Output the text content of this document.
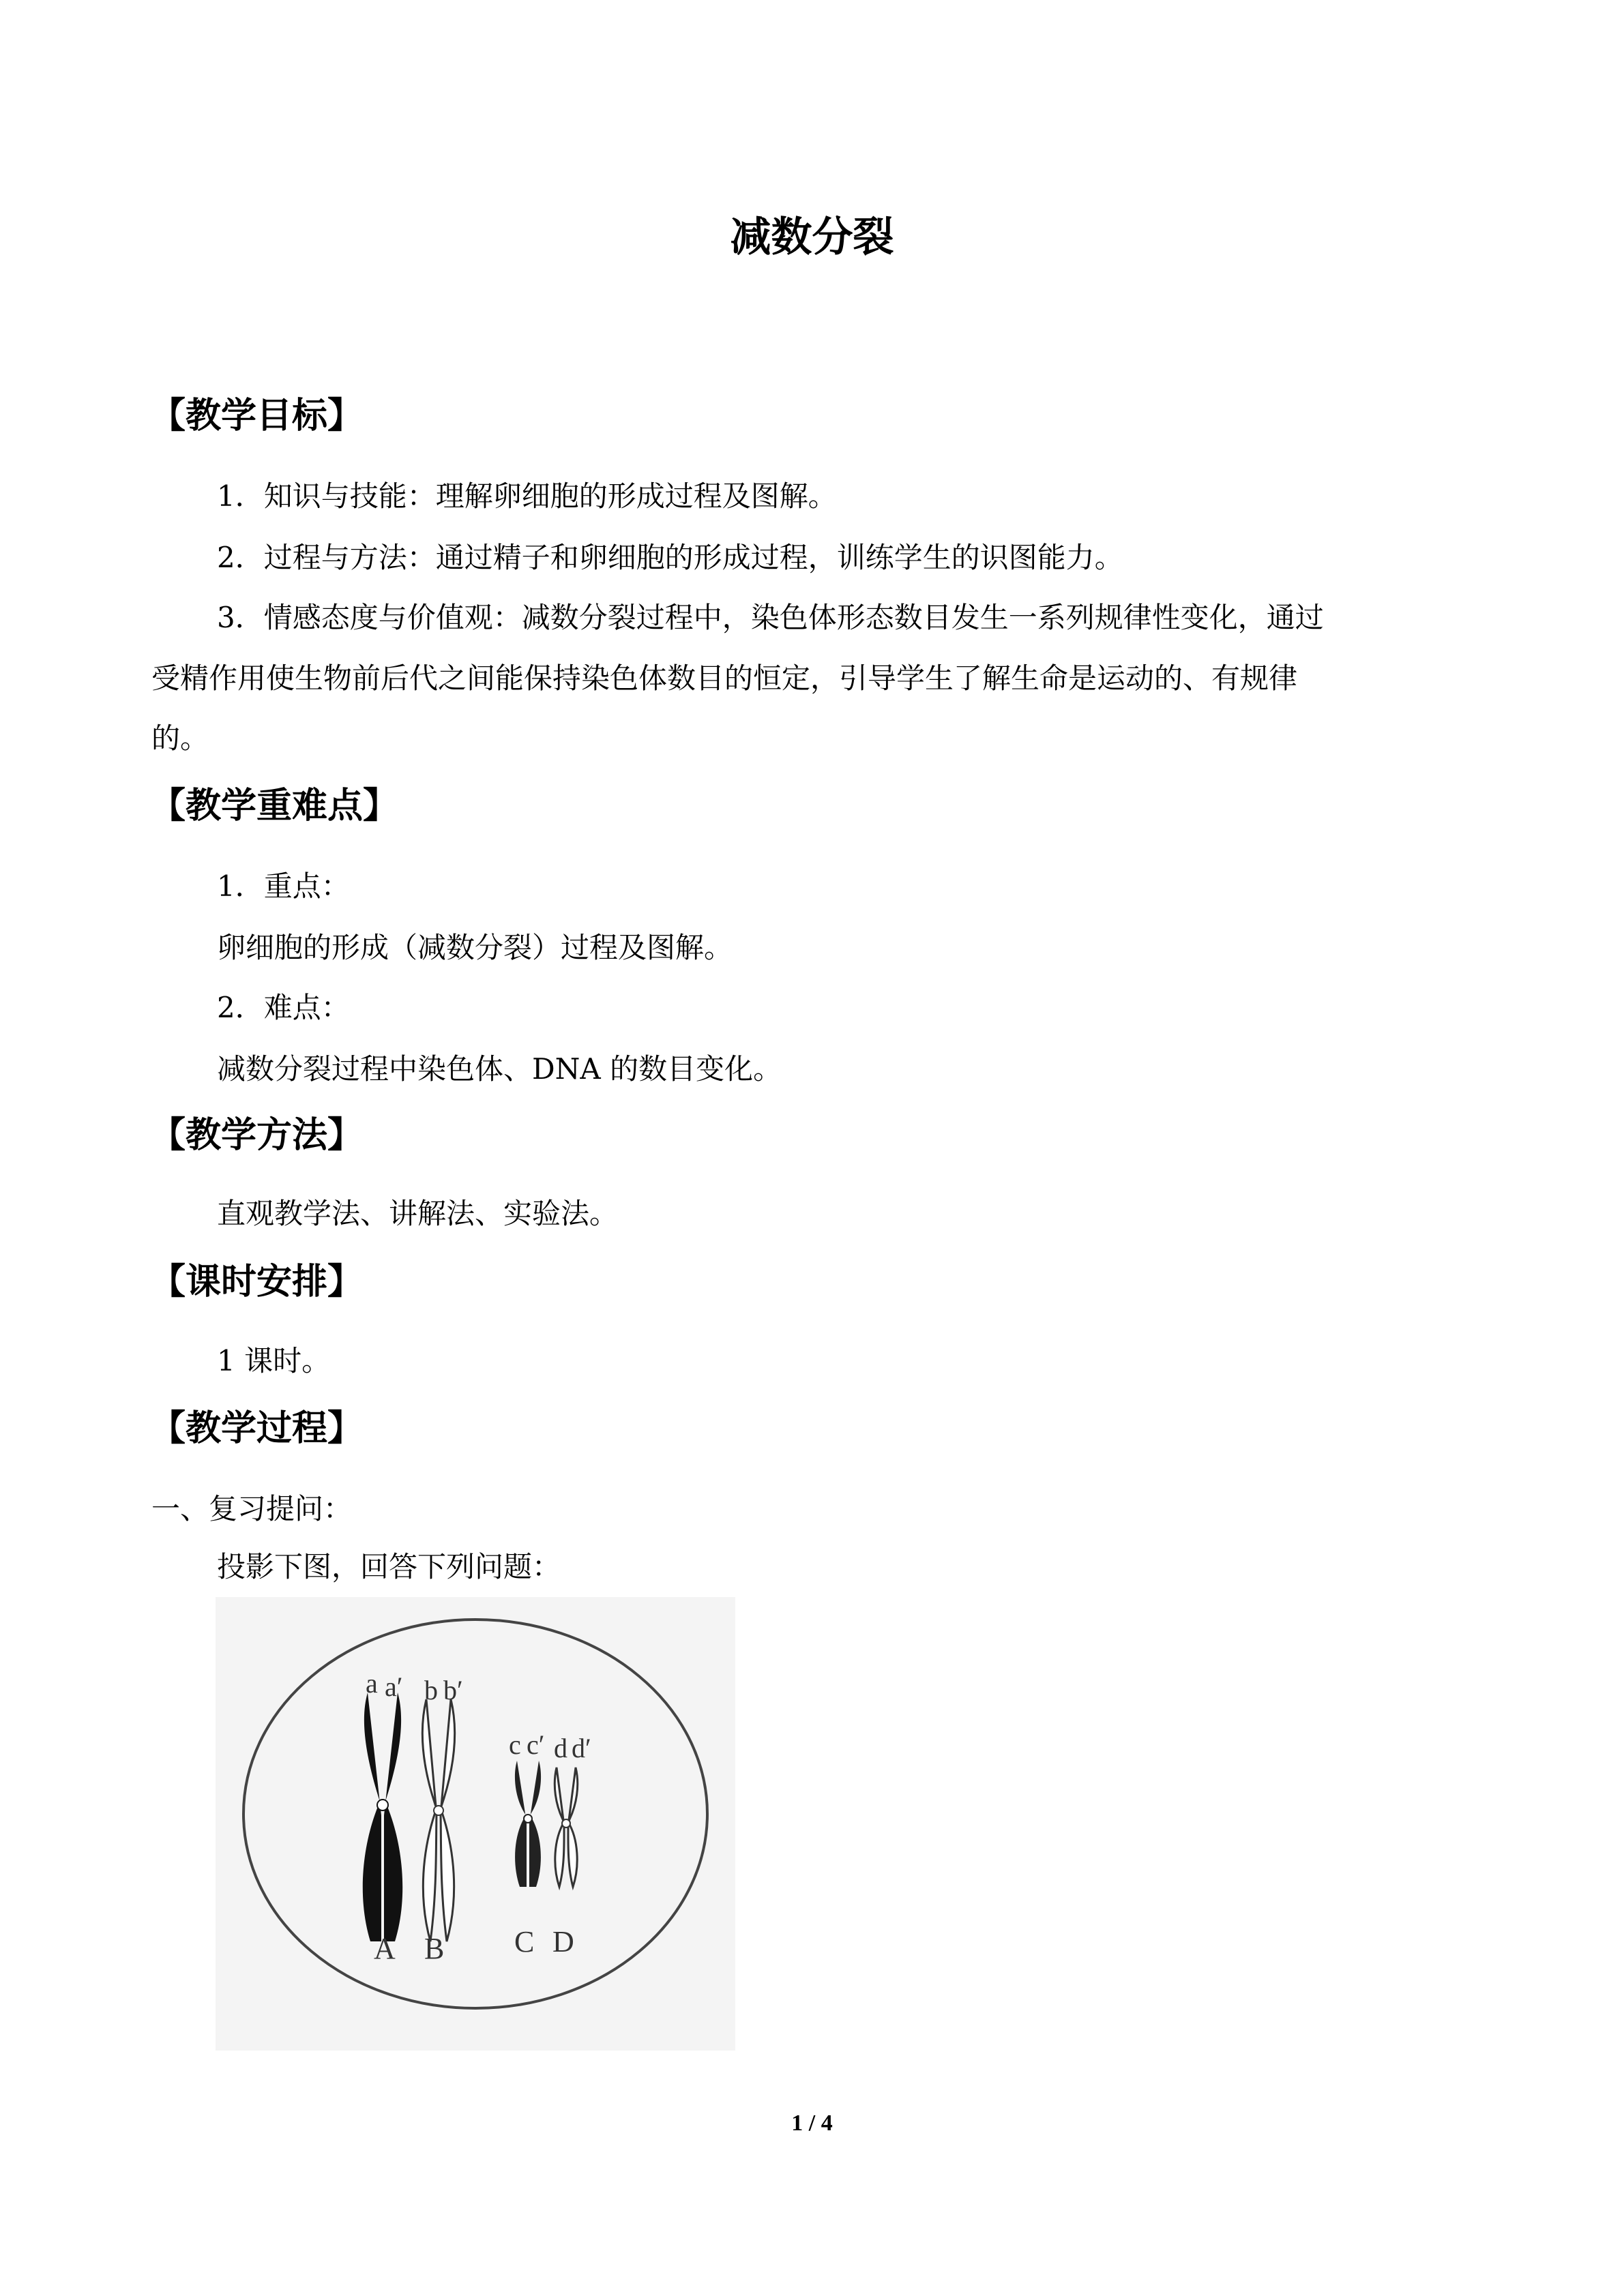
减数分裂
【教学目标】
1．知识与技能：理解卵细胞的形成过程及图解。
2．过程与方法：通过精子和卵细胞的形成过程，训练学生的识图能力。
3．情感态度与价值观：减数分裂过程中，染色体形态数目发生一系列规律性变化，通过
受精作用使生物前后代之间能保持染色体数目的恒定，引导学生了解生命是运动的、有规律
的。
【教学重难点】
1．重点：
卵细胞的形成（减数分裂）过程及图解。
2．难点：
减数分裂过程中染色体、DNA 的数目变化。
【教学方法】
直观教学法、讲解法、实验法。
【课时安排】
1 课时。
【教学过程】
一、复习提问：
投影下图，回答下列问题：
a a′ b b′
c c′ d d′
A B C D
1 / 4
